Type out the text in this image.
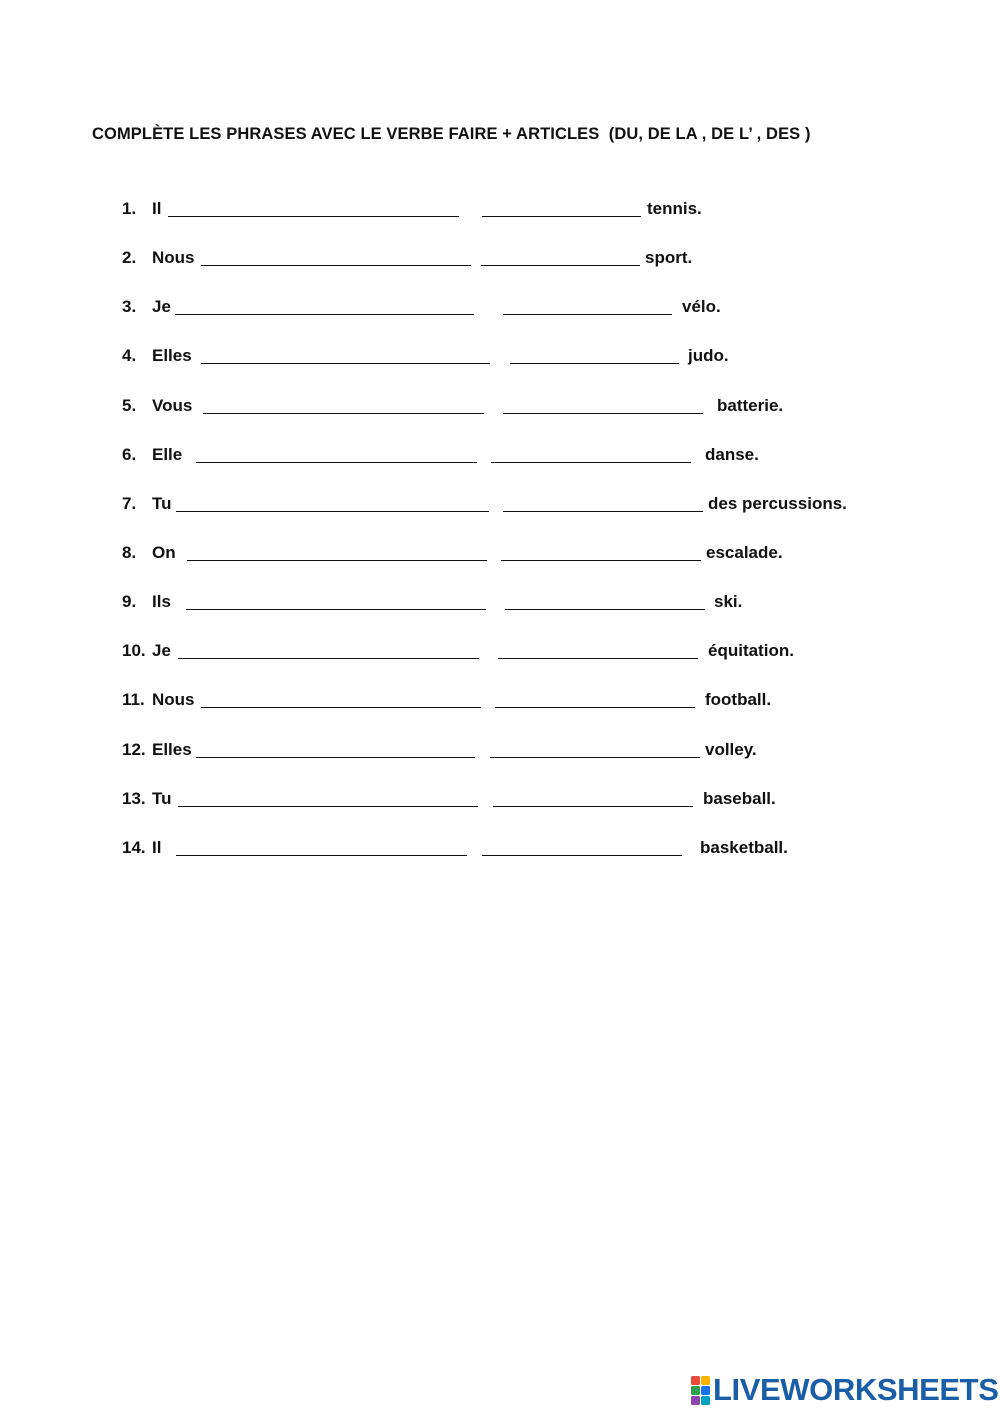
COMPLÈTE LES PHRASES AVEC LE VERBE FAIRE + ARTICLES  (DU, DE LA , DE L’ , DES )
1. Il	tennis.
2. Nous	sport.
3. Je	vélo.
4. Elles	judo.
5. Vous	batterie.
6. Elle	danse.
7. Tu	des percussions.
8. On	escalade.
9. Ils	ski.
10. Je	équitation.
11. Nous	football.
12. Elles	volley.
13. Tu	baseball.
14. Il	basketball.
LIVEWORKSHEETS
